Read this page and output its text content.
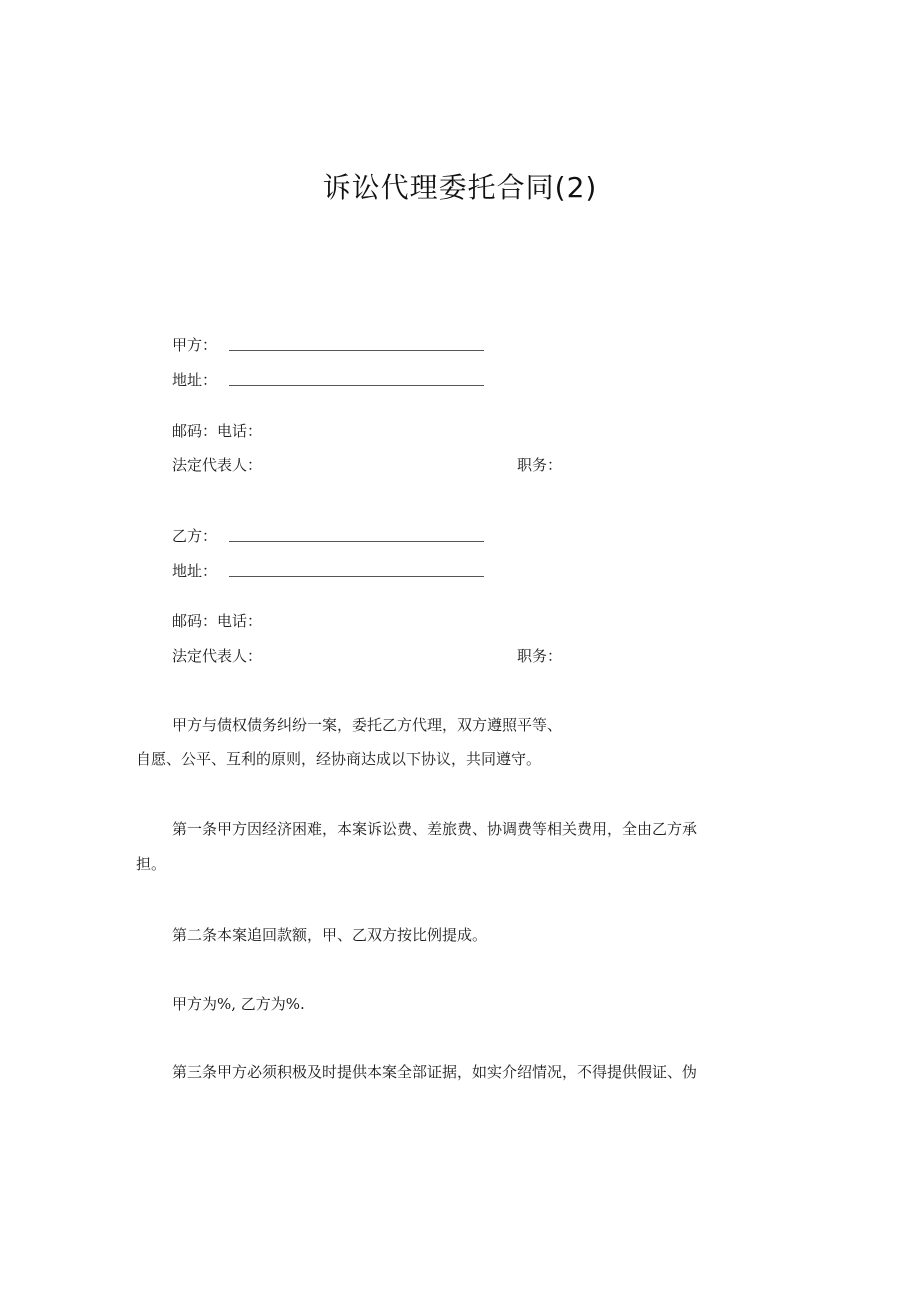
诉讼代理委托合同(2)
甲方：
地址：
邮码：电话：
法定代表人：	职务：
乙方：
地址：
邮码：电话：
法定代表人：	职务：
甲方与债权债务纠纷一案，委托乙方代理，双方遵照平等、
自愿、公平、互利的原则，经协商达成以下协议，共同遵守。
第一条甲方因经济困难，本案诉讼费、差旅费、协调费等相关费用，全由乙方承
担。
第二条本案追回款额，甲、乙双方按比例提成。
甲方为%, 乙方为%.
第三条甲方必须积极及时提供本案全部证据，如实介绍情况，不得提供假证、伪
